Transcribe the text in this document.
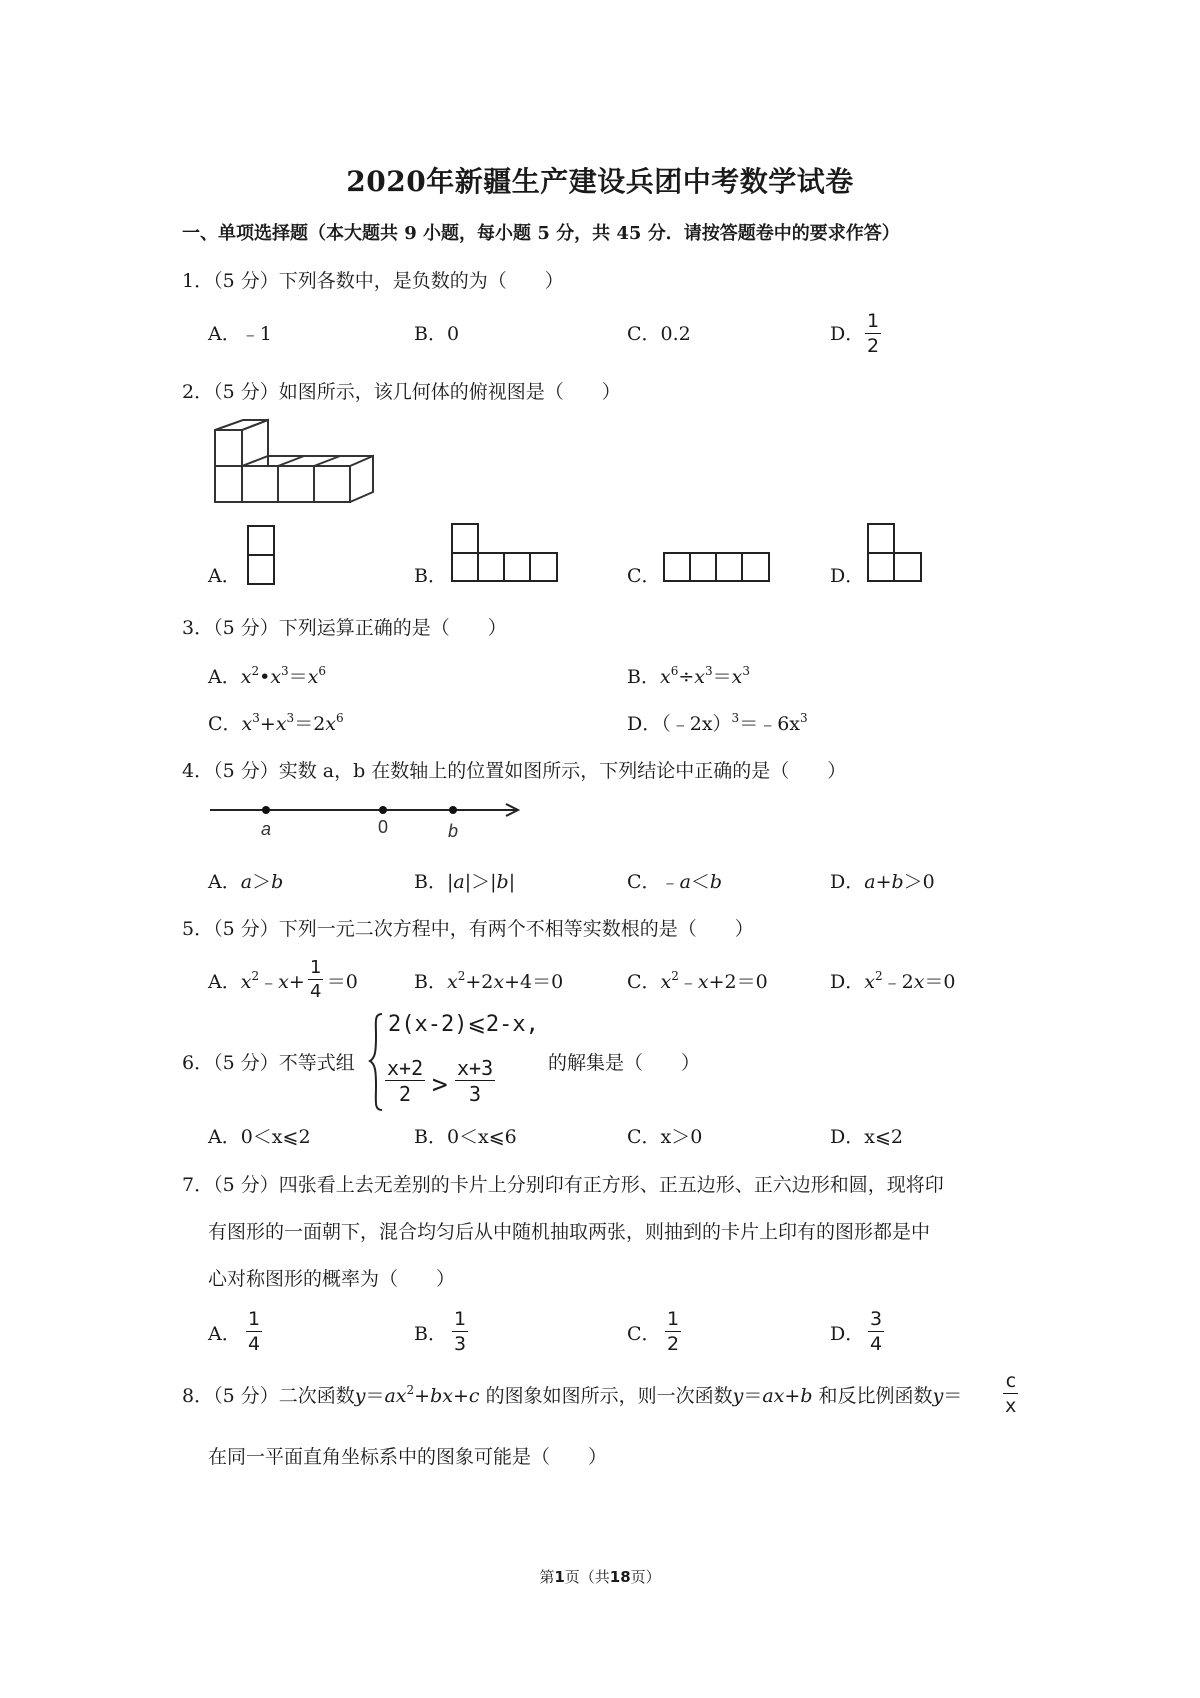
2020年新疆生产建设兵团中考数学试卷
一、单项选择题（本大题共 9 小题，每小题 5 分，共 45 分．请按答题卷中的要求作答）
1．（5 分）下列各数中，是负数的为（　　）
A．﹣1	B．0	C．0.2	D．
1
2
2．（5 分）如图所示，该几何体的俯视图是（　　）
A．	B．	C．	D．
3．（5 分）下列运算正确的是（　　）
A．$x^2•x^3=x^6$	B．$x^6\div x^3=x^3$
C．$x^3+x^3=2x^6$	D．$(﹣2x)^3=﹣6x^3$
4．（5 分）实数 a，b 在数轴上的位置如图所示，下列结论中正确的是（　　）
a	0	b
A．a＞b	B．|a|＞|b|	C．﹣a＜b	D．a+b＞0
5．（5 分）下列一元二次方程中，有两个不相等实数根的是（　　）
A．$x^2﹣x+ =0$
1
4	B．$x^2+2x+4=0$	C．$x^2﹣x+2=0$	D．$x^2﹣2x=0$
6．（5 分）不等式组
2(x-2)⩽2-x,
x+2
2 >
x+3
3
的解集是（　　）
A．0＜x⩽2	B．0＜x⩽6	C．x＞0	D．x⩽2
7．（5 分）四张看上去无差别的卡片上分别印有正方形、正五边形、正六边形和圆，现将印
有图形的一面朝下，混合均匀后从中随机抽取两张，则抽到的卡片上印有的图形都是中
心对称图形的概率为（　　）
A．
1
4	B．
1
3	C．
1
2	D．
3
4
8．（5 分）二次函数$y=ax^2+bx+c$ 的图象如图所示，则一次函数y＝ax+b 和反比例函数y＝
c
x
在同一平面直角坐标系中的图象可能是（　　）
第1页（共18页）
